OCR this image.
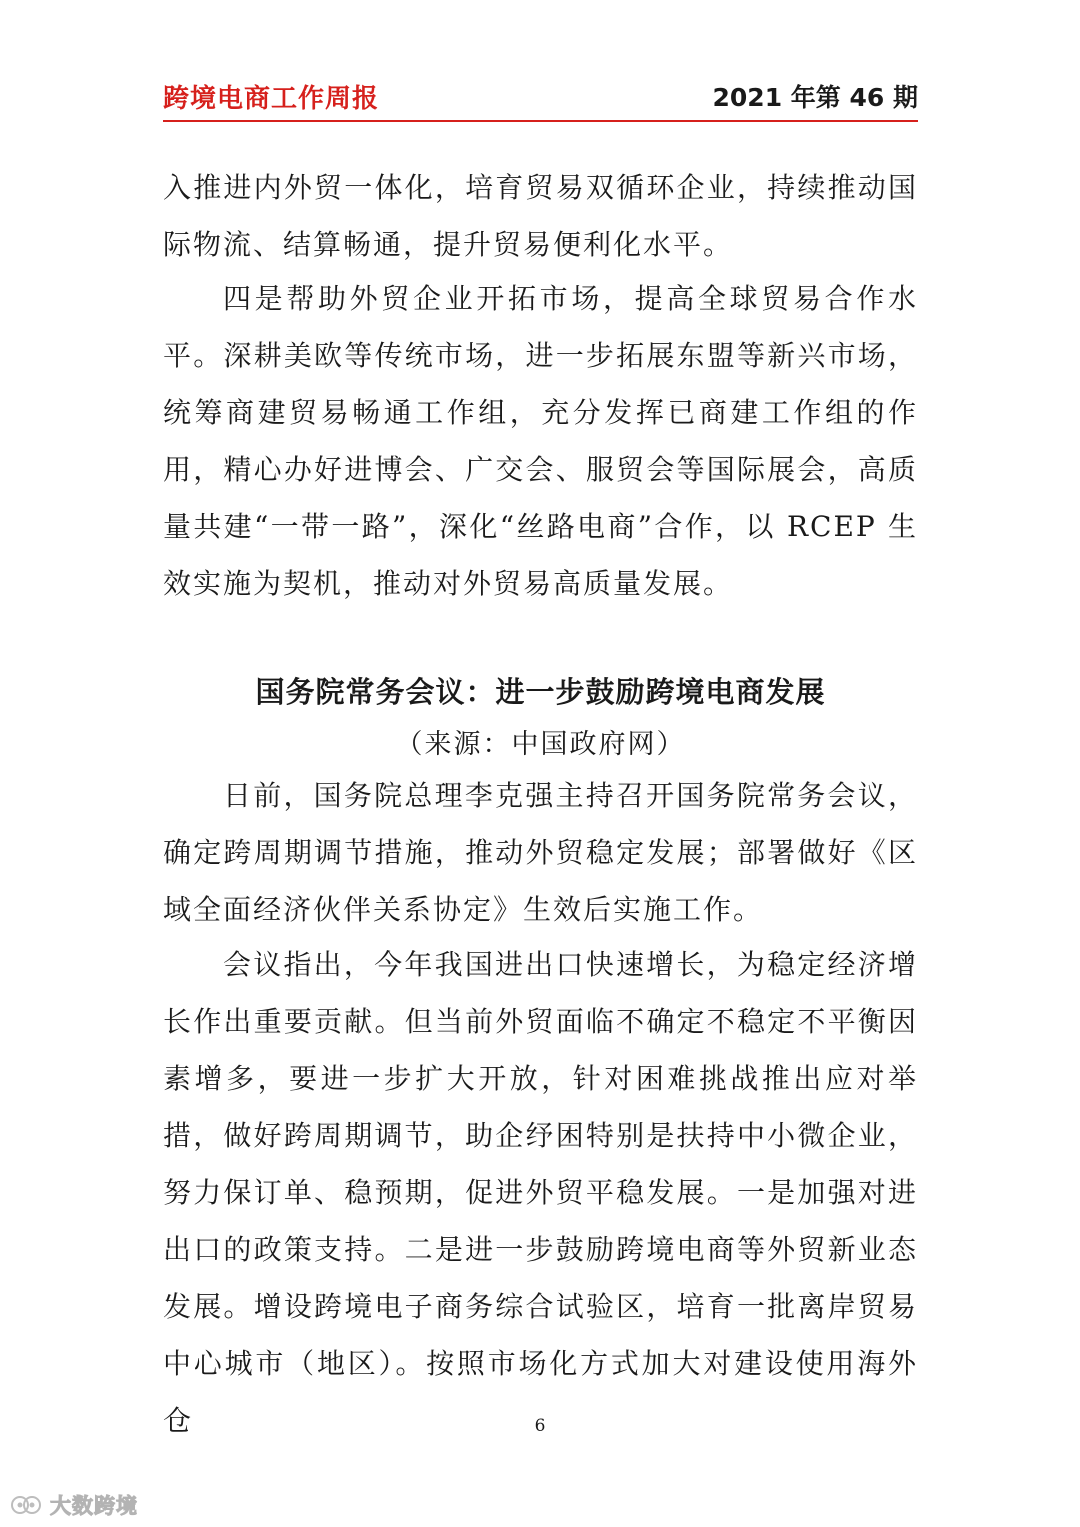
跨境电商工作周报	2021 年第 46 期

入推进内外贸一体化，培育贸易双循环企业，持续推动国际物流、结算畅通，提升贸易便利化水平。

四是帮助外贸企业开拓市场，提高全球贸易合作水平。深耕美欧等传统市场，进一步拓展东盟等新兴市场，统筹商建贸易畅通工作组，充分发挥已商建工作组的作用，精心办好进博会、广交会、服贸会等国际展会，高质量共建“一带一路”，深化“丝路电商”合作，以 RCEP 生效实施为契机，推动对外贸易高质量发展。

国务院常务会议：进一步鼓励跨境电商发展
（来源：中国政府网）

日前，国务院总理李克强主持召开国务院常务会议，确定跨周期调节措施，推动外贸稳定发展；部署做好《区域全面经济伙伴关系协定》生效后实施工作。

会议指出，今年我国进出口快速增长，为稳定经济增长作出重要贡献。但当前外贸面临不确定不稳定不平衡因素增多，要进一步扩大开放，针对困难挑战推出应对举措，做好跨周期调节，助企纾困特别是扶持中小微企业，努力保订单、稳预期，促进外贸平稳发展。一是加强对进出口的政策支持。二是进一步鼓励跨境电商等外贸新业态发展。增设跨境电子商务综合试验区，培育一批离岸贸易中心城市（地区）。按照市场化方式加大对建设使用海外仓	6
大数跨境
